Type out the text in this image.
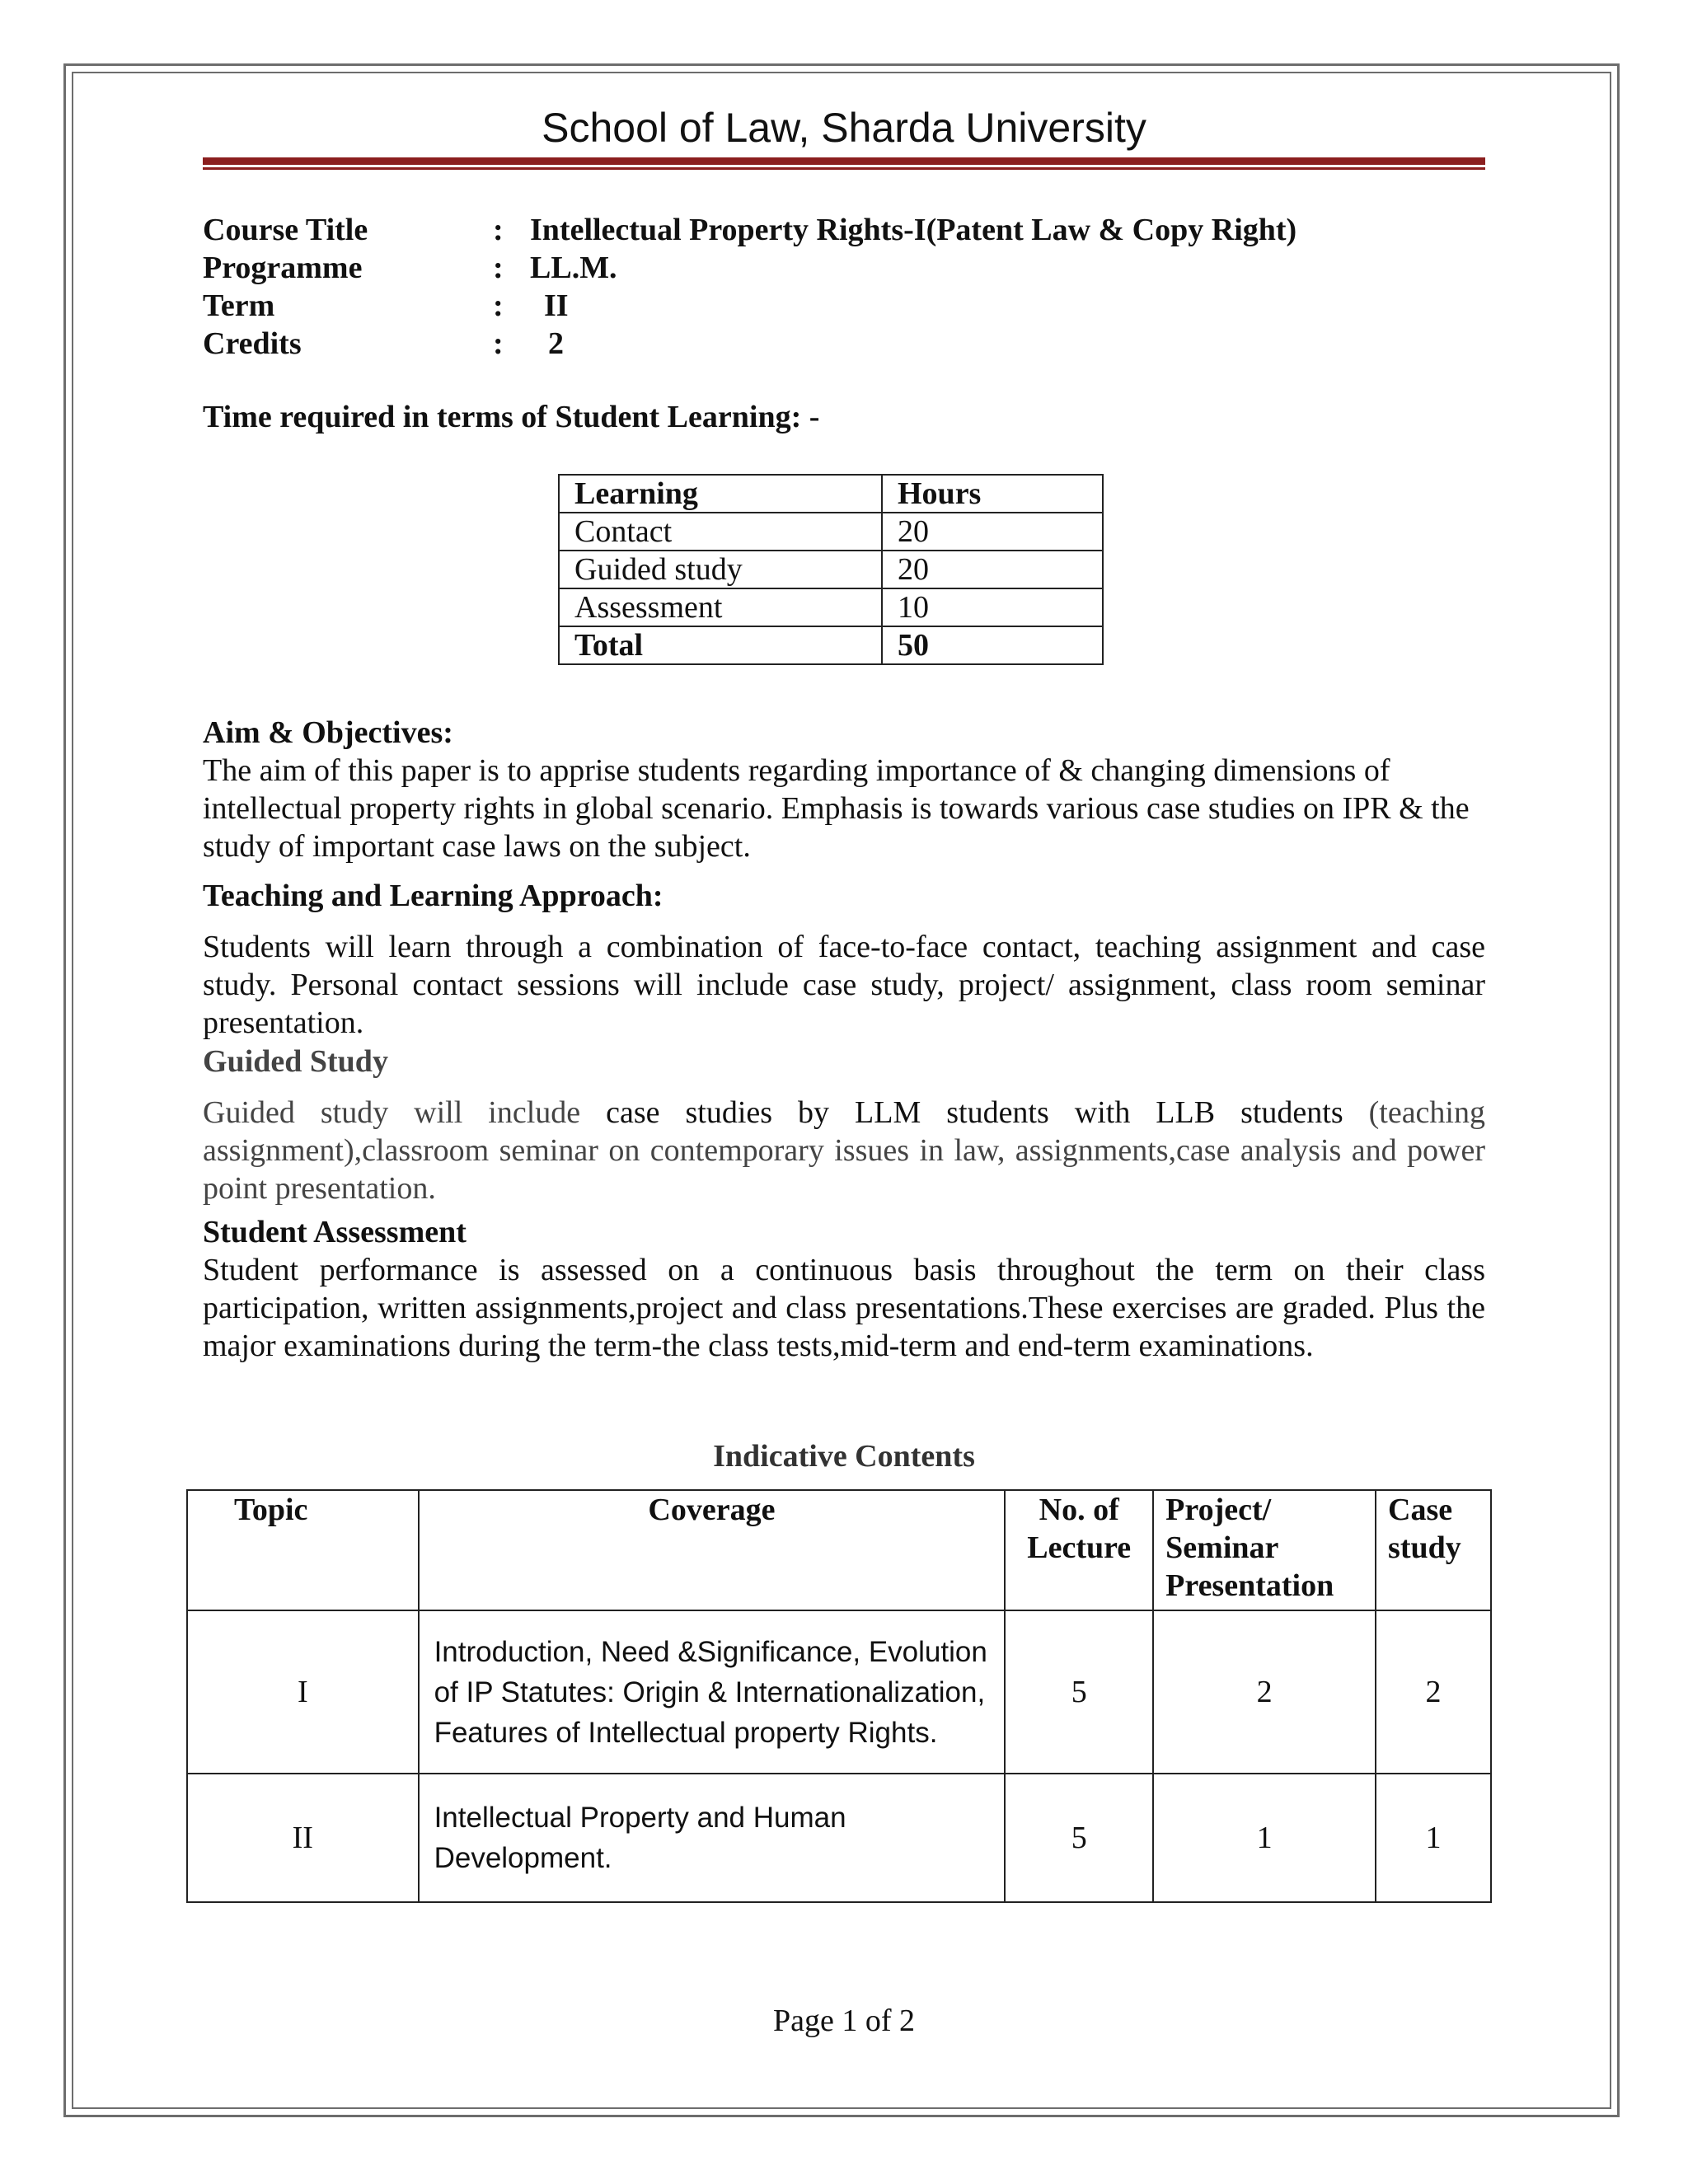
School of Law, Sharda University
Course Title	: Intellectual Property Rights-I(Patent Law & Copy Right)
Programme	: LL.M.
Term	:	II
Credits	:	2
Time required in terms of Student Learning: -
Learning	Hours
Contact	20
Guided study	20
Assessment	10
Total	50
Aim & Objectives:

The aim of this paper is to apprise students regarding importance of & changing dimensions of intellectual property rights in global scenario. Emphasis is towards various case studies on IPR & the study of important case laws on the subject.

Teaching and Learning Approach:

Students will learn through a combination of face-to-face contact, teaching assignment and case study. Personal contact sessions will include case study, project/ assignment, class room seminar presentation.

Guided Study

Guided study will include case studies by LLM students with LLB students (teaching assignment),classroom seminar on contemporary issues in law, assignments,case analysis and power point presentation.

Student Assessment

Student performance is assessed on a continuous basis throughout the term on their class participation, written assignments,project and class presentations.These exercises are graded. Plus the major examinations during the term-the class tests,mid-term and end-term examinations.

Indicative Contents
Topic	Coverage	No. of Lecture	Project/ Seminar Presentation	Case study
I	Introduction, Need &Significance, Evolution of IP Statutes: Origin & Internationalization, Features of Intellectual property Rights.	5	2	2
II	Intellectual Property and Human Development.	5	1	1
Page 1 of 2
